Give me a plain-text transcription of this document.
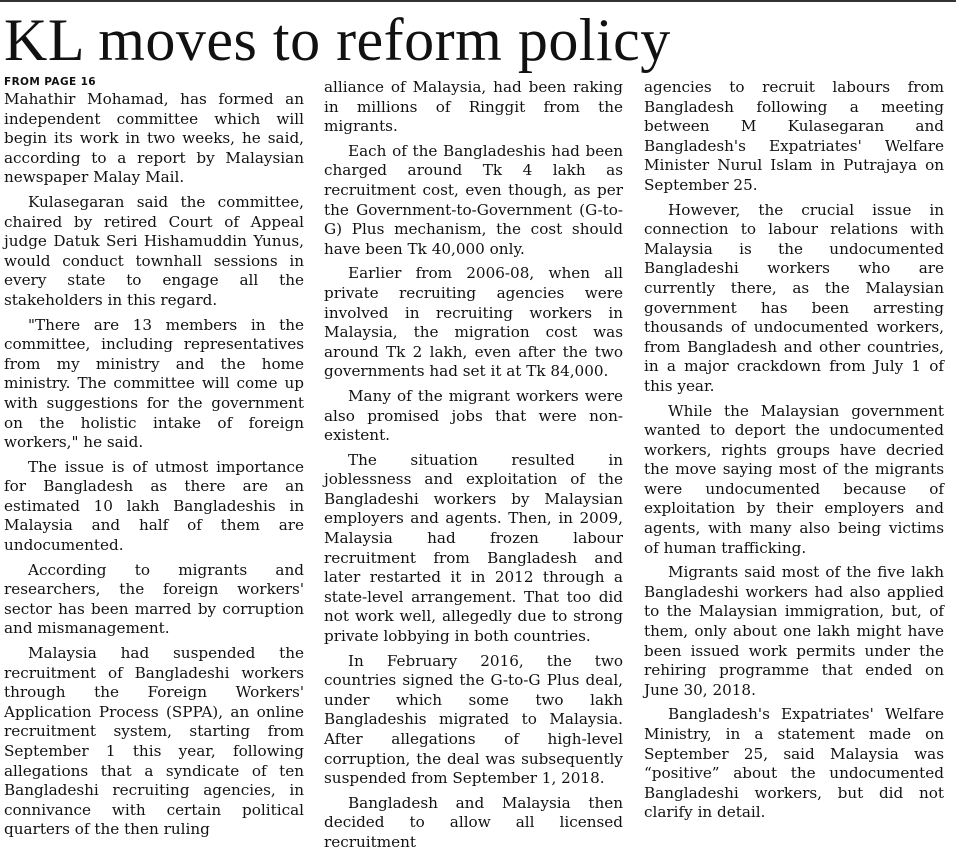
KL moves to reform policy
FROM PAGE 16

Mahathir Mohamad, has formed an independent committee which will begin its work in two weeks, he said, according to a report by Malaysian newspaper Malay Mail.

Kulasegaran said the committee, chaired by retired Court of Appeal judge Datuk Seri Hishamuddin Yunus, would conduct townhall sessions in every state to engage all the stakeholders in this regard.

"There are 13 members in the committee, including representatives from my ministry and the home ministry. The committee will come up with suggestions for the government on the holistic intake of foreign workers," he said.

The issue is of utmost importance for Bangladesh as there are an estimated 10 lakh Bangladeshis in Malaysia and half of them are undocumented.

According to migrants and researchers, the foreign workers' sector has been marred by corruption and mismanagement.

Malaysia had suspended the recruitment of Bangladeshi workers through the Foreign Workers' Application Process (SPPA), an online recruitment system, starting from September 1 this year, following allegations that a syndicate of ten Bangladeshi recruiting agencies, in connivance with certain political quarters of the then ruling

alliance of Malaysia, had been raking in millions of Ringgit from the migrants.

Each of the Bangladeshis had been charged around Tk 4 lakh as recruitment cost, even though, as per the Government-to-Government (G-to-G) Plus mechanism, the cost should have been Tk 40,000 only.

Earlier from 2006-08, when all private recruiting agencies were involved in recruiting workers in Malaysia, the migration cost was around Tk 2 lakh, even after the two governments had set it at Tk 84,000.

Many of the migrant workers were also promised jobs that were non-existent.

The situation resulted in joblessness and exploitation of the Bangladeshi workers by Malaysian employers and agents. Then, in 2009, Malaysia had frozen labour recruitment from Bangladesh and later restarted it in 2012 through a state-level arrangement. That too did not work well, allegedly due to strong private lobbying in both countries.

In February 2016, the two countries signed the G-to-G Plus deal, under which some two lakh Bangladeshis migrated to Malaysia. After allegations of high-level corruption, the deal was subsequently suspended from September 1, 2018.

Bangladesh and Malaysia then decided to allow all licensed recruitment

agencies to recruit labours from Bangladesh following a meeting between M Kulasegaran and Bangladesh's Expatriates' Welfare Minister Nurul Islam in Putrajaya on September 25.

However, the crucial issue in connection to labour relations with Malaysia is the undocumented Bangladeshi workers who are currently there, as the Malaysian government has been arresting thousands of undocumented workers, from Bangladesh and other countries, in a major crackdown from July 1 of this year.

While the Malaysian government wanted to deport the undocumented workers, rights groups have decried the move saying most of the migrants were undocumented because of exploitation by their employers and agents, with many also being victims of human trafficking.

Migrants said most of the five lakh Bangladeshi workers had also applied to the Malaysian immigration, but, of them, only about one lakh might have been issued work permits under the rehiring programme that ended on June 30, 2018.

Bangladesh's Expatriates' Welfare Ministry, in a statement made on September 25, said Malaysia was “positive” about the undocumented Bangladeshi workers, but did not clarify in detail.
